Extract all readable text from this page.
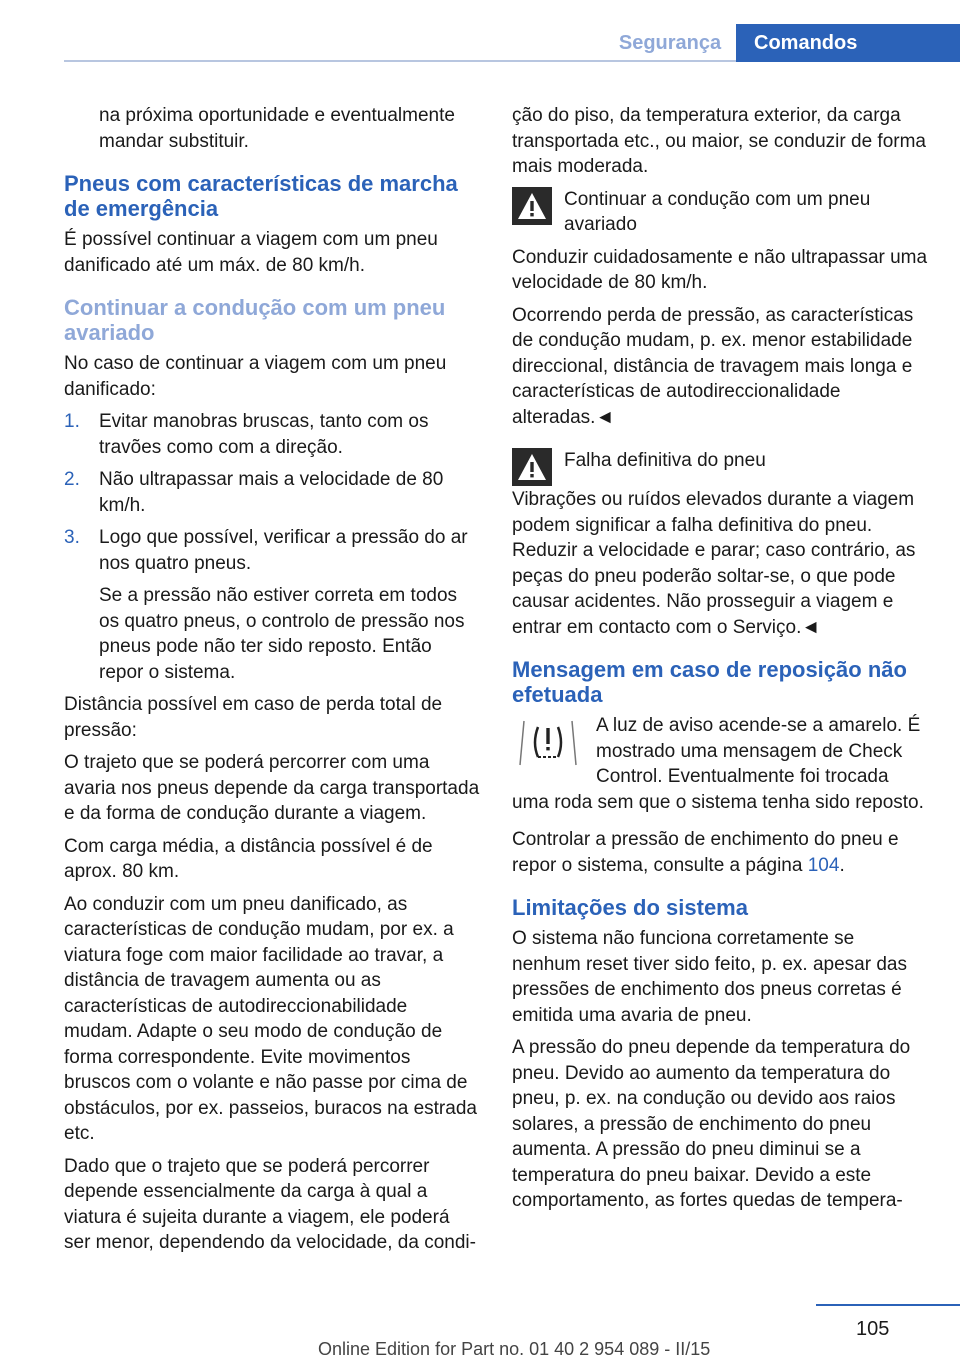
Segurança	Comandos

na próxima oportunidade e eventualmente mandar substituir.

Pneus com características de marcha de emergência

É possível continuar a viagem com um pneu danificado até um máx. de 80 km/h.

Continuar a condução com um pneu avariado

No caso de continuar a viagem com um pneu danificado:

1. Evitar manobras bruscas, tanto com os travões como com a direção.
2. Não ultrapassar mais a velocidade de 80 km/h.
3. Logo que possível, verificar a pressão do ar nos quatro pneus.

Se a pressão não estiver correta em todos os quatro pneus, o controlo de pressão nos pneus pode não ter sido reposto. Então repor o sistema.

Distância possível em caso de perda total de pressão:

O trajeto que se poderá percorrer com uma avaria nos pneus depende da carga transportada e da forma de condução durante a viagem.

Com carga média, a distância possível é de aprox. 80 km.

Ao conduzir com um pneu danificado, as características de condução mudam, por ex. a viatura foge com maior facilidade ao travar, a distância de travagem aumenta ou as características de autodireccionabilidade mudam. Adapte o seu modo de condução de forma correspondente. Evite movimentos bruscos com o volante e não passe por cima de obstáculos, por ex. passeios, buracos na estrada etc.

Dado que o trajeto que se poderá percorrer depende essencialmente da carga à qual a viatura é sujeita durante a viagem, ele poderá ser menor, dependendo da velocidade, da condi-

ção do piso, da temperatura exterior, da carga transportada etc., ou maior, se conduzir de forma mais moderada.

Continuar a condução com um pneu avariado

Conduzir cuidadosamente e não ultrapassar uma velocidade de 80 km/h.

Ocorrendo perda de pressão, as características de condução mudam, p. ex. menor estabilidade direccional, distância de travagem mais longa e características de autodireccionalidade alteradas.◄

Falha definitiva do pneu

Vibrações ou ruídos elevados durante a viagem podem significar a falha definitiva do pneu. Reduzir a velocidade e parar; caso contrário, as peças do pneu poderão soltar-se, o que pode causar acidentes. Não prosseguir a viagem e entrar em contacto com o Serviço.◄

Mensagem em caso de reposição não efetuada

A luz de aviso acende-se a amarelo. É mostrado uma mensagem de Check Control. Eventualmente foi trocada uma roda sem que o sistema tenha sido reposto.

Controlar a pressão de enchimento do pneu e repor o sistema, consulte a página 104.

Limitações do sistema

O sistema não funciona corretamente se nenhum reset tiver sido feito, p. ex. apesar das pressões de enchimento dos pneus corretas é emitida uma avaria de pneu.

A pressão do pneu depende da temperatura do pneu. Devido ao aumento da temperatura do pneu, p. ex. na condução ou devido aos raios solares, a pressão de enchimento do pneu aumenta. A pressão do pneu diminui se a temperatura do pneu baixar. Devido a este comportamento, as fortes quedas de tempera-

105
Online Edition for Part no. 01 40 2 954 089 - II/15
